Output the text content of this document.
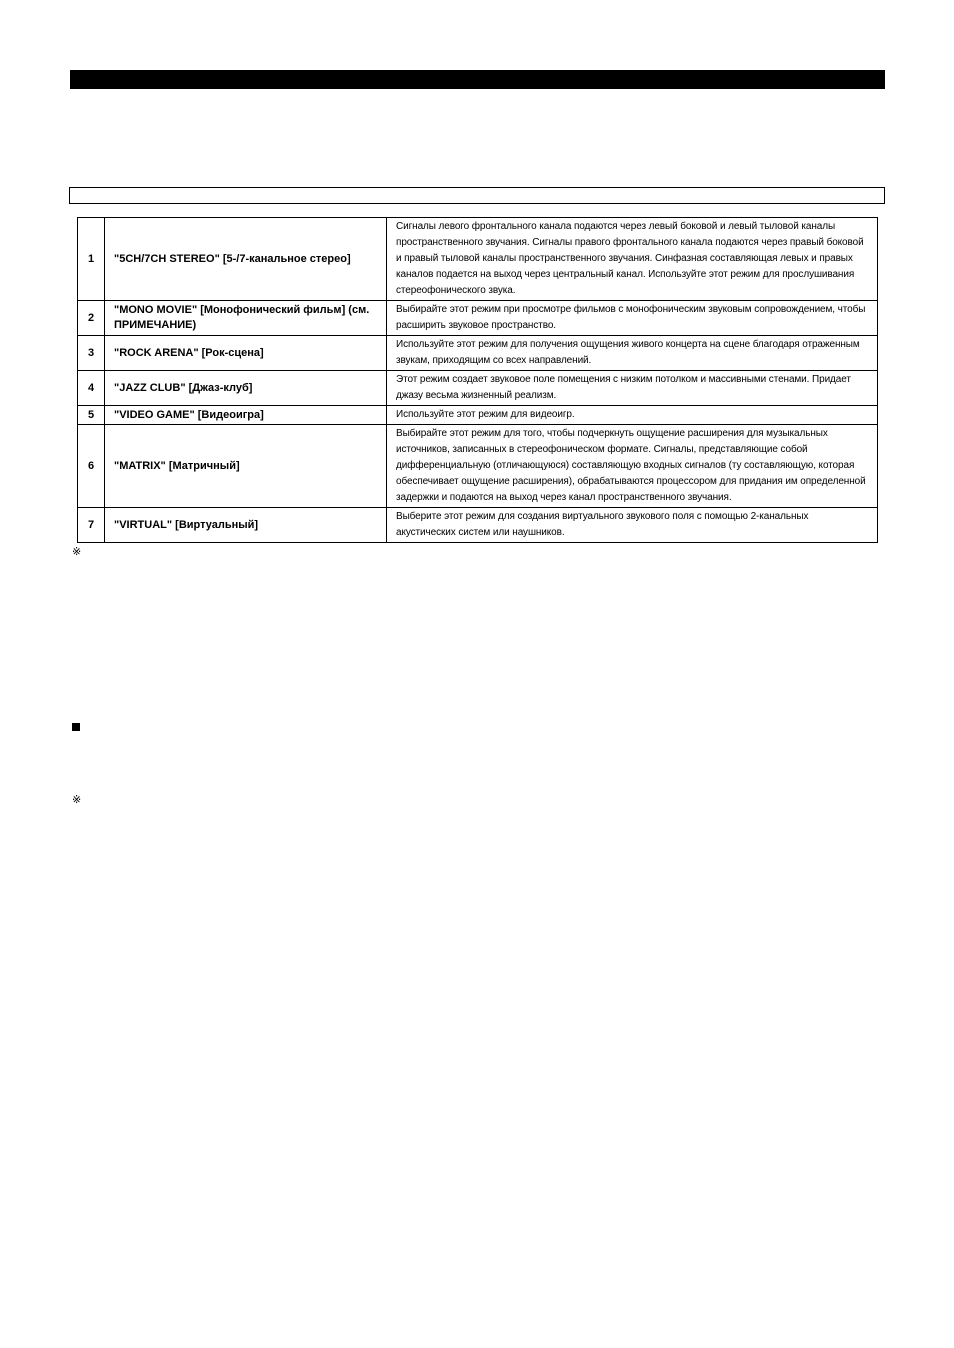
1	"5CH/7CH STEREO" [5-/7-канальное стерео]	Сигналы левого фронтального канала подаются через левый боковой и левый тыловой каналы пространственного звучания. Сигналы правого фронтального канала подаются через правый боковой и правый тыловой каналы пространственного звучания. Синфазная составляющая левых и правых каналов подается на выход через центральный канал. Используйте этот режим для прослушивания стереофонического звука.
2	"MONO MOVIE" [Монофонический фильм] (см. ПРИМЕЧАНИЕ)	Выбирайте этот режим при просмотре фильмов с монофоническим звуковым сопровождением, чтобы расширить звуковое пространство.
3	"ROCK ARENA" [Рок-сцена]	Используйте этот режим для получения ощущения живого концерта на сцене благодаря отраженным звукам, приходящим со всех направлений.
4	"JAZZ CLUB" [Джаз-клуб]	Этот режим создает звуковое поле помещения с низким потолком и массивными стенами. Придает джазу весьма жизненный реализм.
5	"VIDEO GAME" [Видеоигра]	Используйте этот режим для видеоигр.
6	"MATRIX" [Матричный]	Выбирайте этот режим для того, чтобы подчеркнуть ощущение расширения для музыкальных источников, записанных в стереофоническом формате. Сигналы, представляющие собой дифференциальную (отличающуюся) составляющую входных сигналов (ту составляющую, которая обеспечивает ощущение расширения), обрабатываются процессором для придания им определенной задержки и подаются на выход через канал пространственного звучания.
7	"VIRTUAL" [Виртуальный]	Выберите этот режим для создания виртуального звукового поля с помощью 2-канальных акустических систем или наушников.
※
※
